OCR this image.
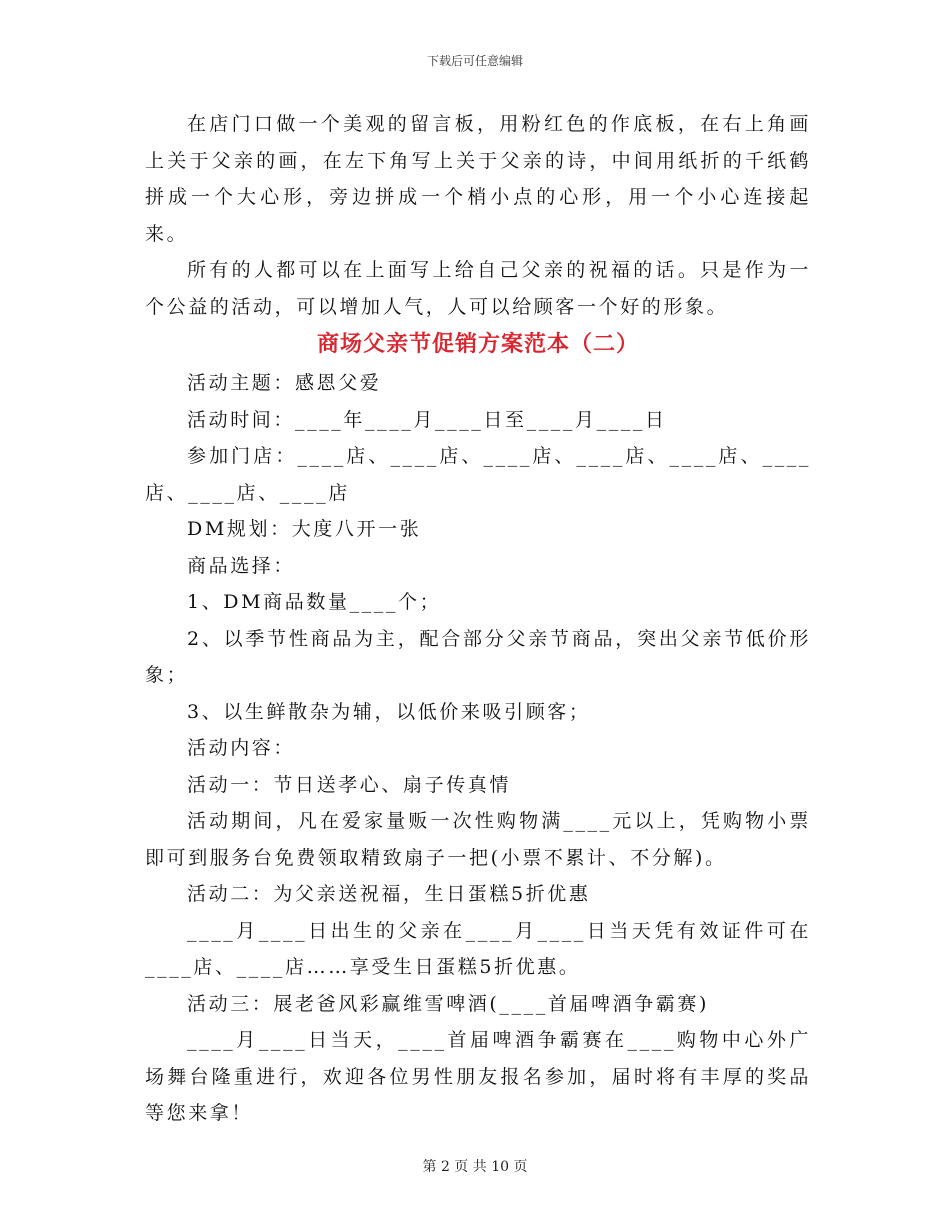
下载后可任意编辑

在店门口做一个美观的留言板，用粉红色的作底板，在右上角画上关于父亲的画，在左下角写上关于父亲的诗，中间用纸折的千纸鹤拼成一个大心形，旁边拼成一个梢小点的心形，用一个小心连接起来。

所有的人都可以在上面写上给自己父亲的祝福的话。只是作为一个公益的活动，可以增加人气，人可以给顾客一个好的形象。

商场父亲节促销方案范本（二）

活动主题：感恩父爱

活动时间：____年____月____日至____月____日

参加门店：____店、____店、____店、____店、____店、____店、____店、____店

DM规划：大度八开一张

商品选择：

1、DM商品数量____个；

2、以季节性商品为主，配合部分父亲节商品，突出父亲节低价形象；

3、以生鲜散杂为辅，以低价来吸引顾客；

活动内容：

活动一：节日送孝心、扇子传真情

活动期间，凡在爱家量贩一次性购物满____元以上，凭购物小票即可到服务台免费领取精致扇子一把(小票不累计、不分解)。

活动二：为父亲送祝福，生日蛋糕5折优惠

____月____日出生的父亲在____月____日当天凭有效证件可在____店、____店……享受生日蛋糕5折优惠。

活动三：展老爸风彩赢维雪啤酒(____首届啤酒争霸赛)

____月____日当天，____首届啤酒争霸赛在____购物中心外广场舞台隆重进行，欢迎各位男性朋友报名参加，届时将有丰厚的奖品等您来拿！

第 2 页 共 10 页
